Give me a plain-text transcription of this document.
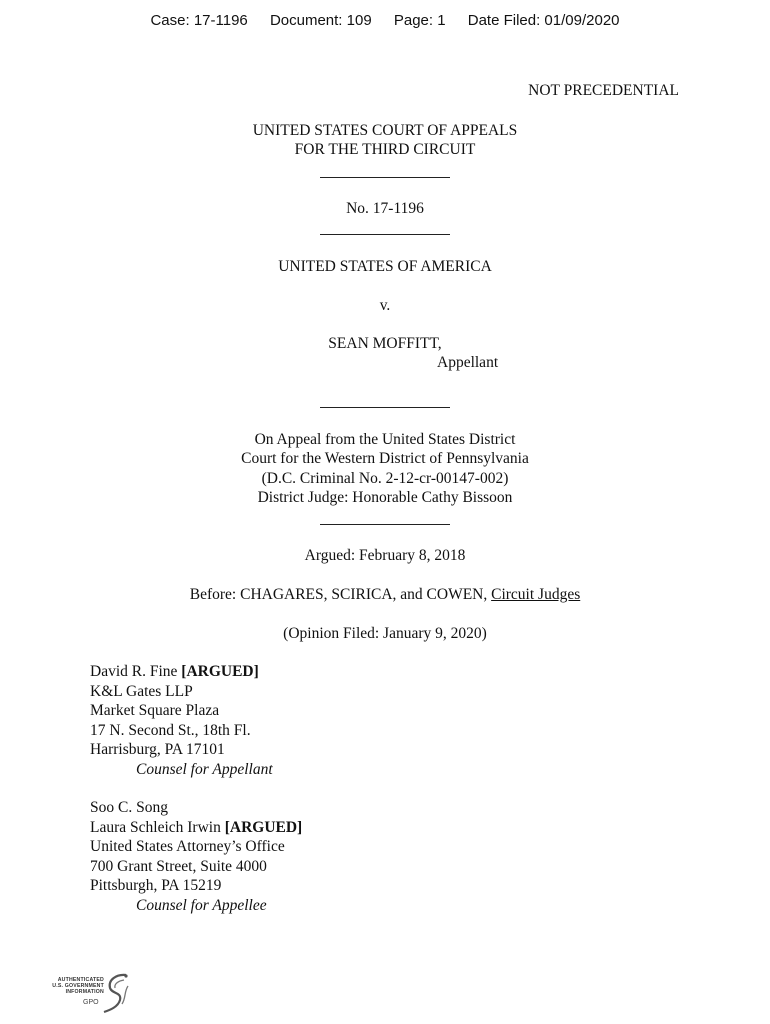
Case: 17-1196 Document: 109 Page: 1 Date Filed: 01/09/2020
NOT PRECEDENTIAL
UNITED STATES COURT OF APPEALS
FOR THE THIRD CIRCUIT
No. 17-1196
UNITED STATES OF AMERICA
v.
SEAN MOFFITT,
Appellant
On Appeal from the United States District
Court for the Western District of Pennsylvania
(D.C. Criminal No. 2-12-cr-00147-002)
District Judge: Honorable Cathy Bissoon
Argued: February 8, 2018
Before: CHAGARES, SCIRICA, and COWEN, Circuit Judges
(Opinion Filed: January 9, 2020)
David R. Fine [ARGUED]
K&L Gates LLP
Market Square Plaza
17 N. Second St., 18th Fl.
Harrisburg, PA 17101
Counsel for Appellant
Soo C. Song
Laura Schleich Irwin [ARGUED]
United States Attorney’s Office
700 Grant Street, Suite 4000
Pittsburgh, PA 15219
Counsel for Appellee
AUTHENTICATED
U.S. GOVERNMENT
INFORMATION
GPO
